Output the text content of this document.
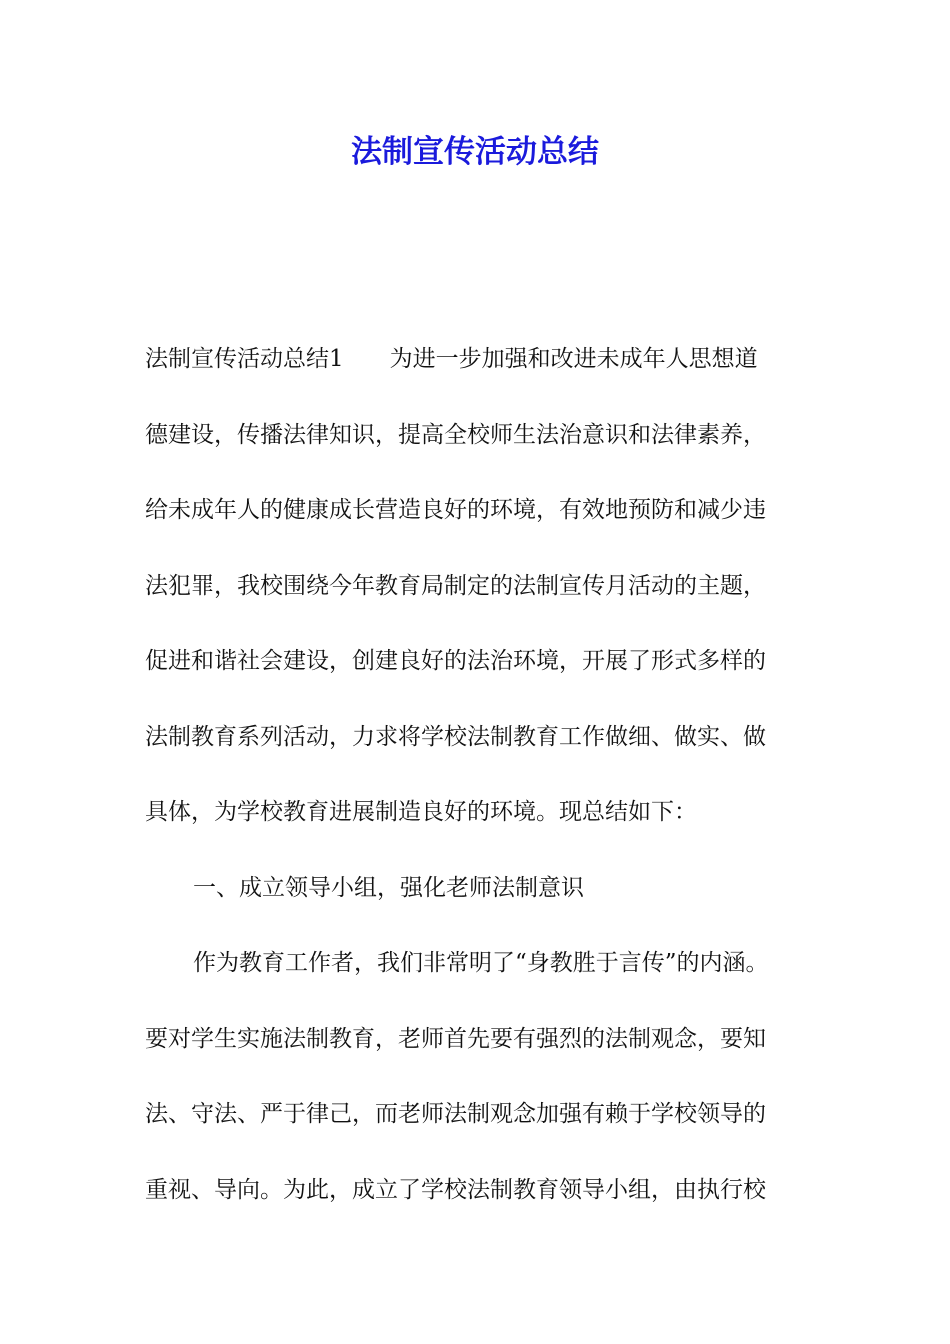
法制宣传活动总结

法制宣传活动总结1　　为进一步加强和改进未成年人思想道

德建设，传播法律知识，提高全校师生法治意识和法律素养，

给未成年人的健康成长营造良好的环境，有效地预防和减少违

法犯罪，我校围绕今年教育局制定的法制宣传月活动的主题，

促进和谐社会建设，创建良好的法治环境，开展了形式多样的

法制教育系列活动，力求将学校法制教育工作做细、做实、做

具体，为学校教育进展制造良好的环境。现总结如下：

一、成立领导小组，强化老师法制意识

作为教育工作者，我们非常明了“身教胜于言传”的内涵。

要对学生实施法制教育，老师首先要有强烈的法制观念，要知

法、守法、严于律己，而老师法制观念加强有赖于学校领导的

重视、导向。为此，成立了学校法制教育领导小组，由执行校
